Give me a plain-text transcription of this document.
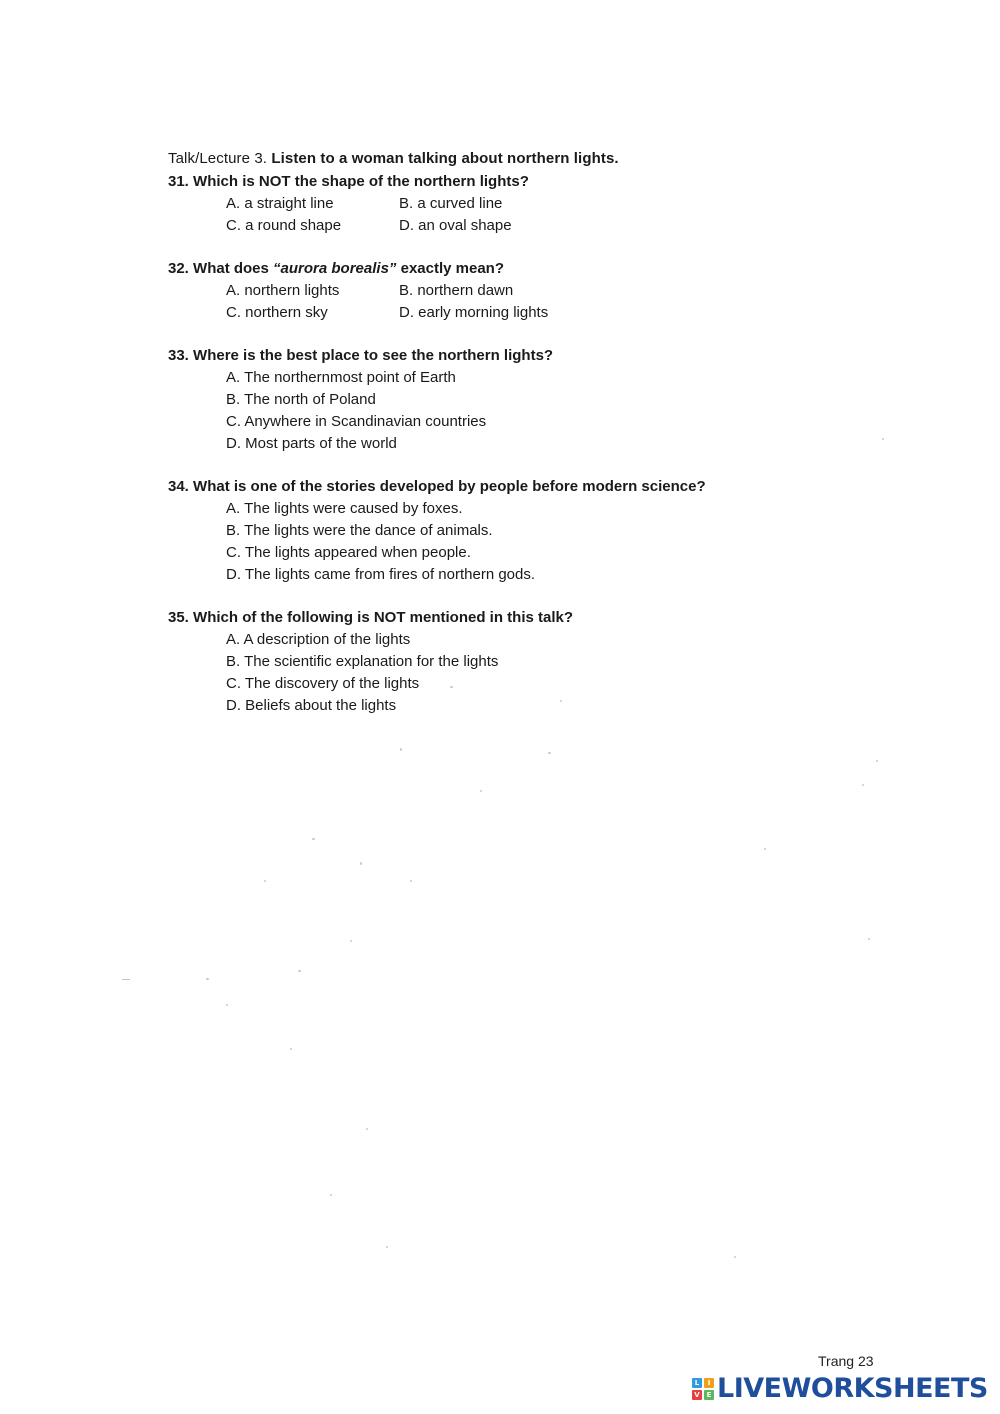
Talk/Lecture 3. Listen to a woman talking about northern lights.
31. Which is NOT the shape of the northern lights?
A. a straight line	B. a curved line
C. a round shape	D. an oval shape
32. What does “aurora borealis” exactly mean?
A. northern lights	B. northern dawn
C. northern sky	D. early morning lights
33. Where is the best place to see the northern lights?
A. The northernmost point of Earth
B. The north of Poland
C. Anywhere in Scandinavian countries
D. Most parts of the world
34. What is one of the stories developed by people before modern science?
A. The lights were caused by foxes.
B. The lights were the dance of animals.
C. The lights appeared when people.
D. The lights came from fires of northern gods.
35. Which of the following is NOT mentioned in this talk?
A. A description of the lights
B. The scientific explanation for the lights
C. The discovery of the lights
D. Beliefs about the lights
Trang 23
L	I
V E LIVEWORKSHEETS
